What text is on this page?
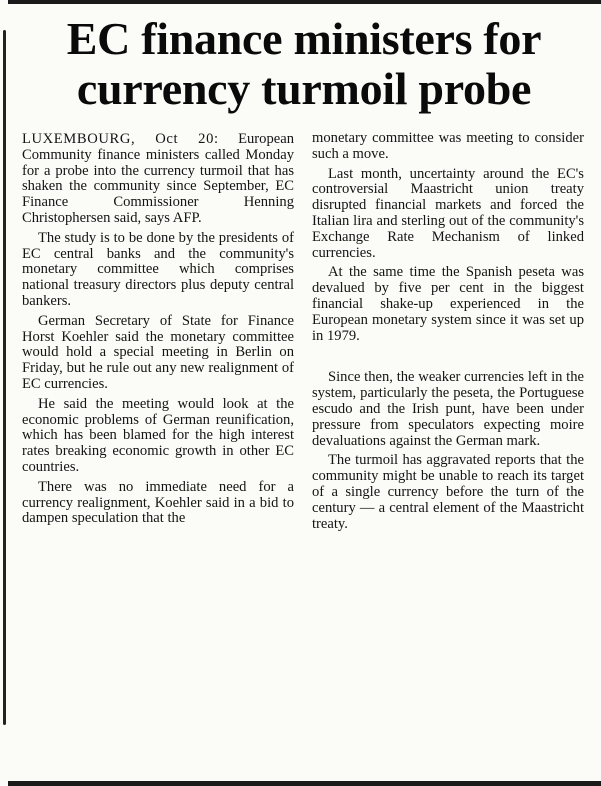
EC finance ministers for
currency turmoil probe

LUXEMBOURG, Oct 20: European Community finance ministers called Monday for a probe into the currency turmoil that has shaken the community since September, EC Finance Commissioner Henning Christophersen said, says AFP.

The study is to be done by the presidents of EC central banks and the community's monetary committee which comprises national treasury directors plus deputy central bankers.

German Secretary of State for Finance Horst Koehler said the monetary committee would hold a special meeting in Berlin on Friday, but he rule out any new realignment of EC currencies.

He said the meeting would look at the economic problems of German reunification, which has been blamed for the high interest rates breaking economic growth in other EC countries.

There was no immediate need for a currency realignment, Koehler said in a bid to dampen speculation that the

monetary committee was meeting to consider such a move.

Last month, uncertainty around the EC's controversial Maastricht union treaty disrupted financial markets and forced the Italian lira and sterling out of the community's Exchange Rate Mechanism of linked currencies.

At the same time the Spanish peseta was devalued by five per cent in the biggest financial shake-up experienced in the European monetary system since it was set up in 1979.

Since then, the weaker currencies left in the system, particularly the peseta, the Portuguese escudo and the Irish punt, have been under pressure from speculators expecting moire devaluations against the German mark.

The turmoil has aggravated reports that the community might be unable to reach its target of a single currency before the turn of the century — a central element of the Maastricht treaty.
